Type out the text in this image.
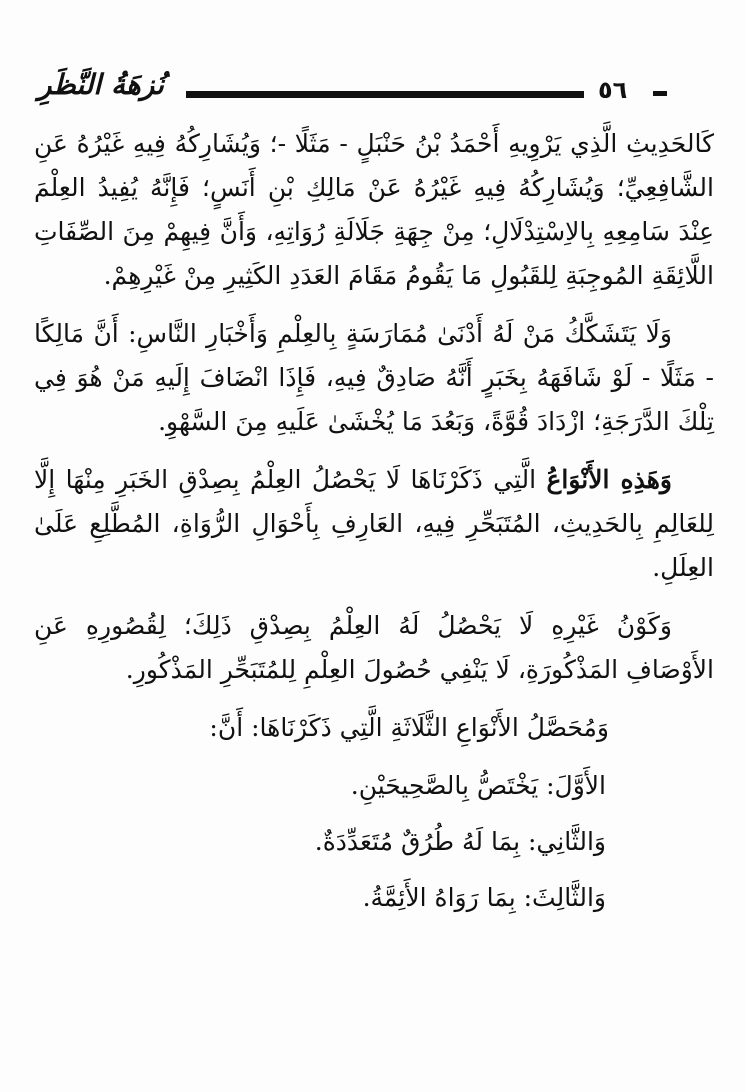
نُزهَةُ النَّظَرِ	٥٦

كَالحَدِيثِ الَّذِي يَرْوِيهِ أَحْمَدُ بْنُ حَنْبَلٍ - مَثَلًا -؛ وَيُشَارِكُهُ فِيهِ غَيْرُهُ عَنِ الشَّافِعِيِّ؛ وَيُشَارِكُهُ فِيهِ غَيْرُهُ عَنْ مَالِكِ بْنِ أَنَسٍ؛ فَإِنَّهُ يُفِيدُ العِلْمَ عِنْدَ سَامِعِهِ بِالاِسْتِدْلَالِ؛ مِنْ جِهَةِ جَلَالَةِ رُوَاتِهِ، وَأَنَّ فِيهِمْ مِنَ الصِّفَاتِ اللَّائِقَةِ المُوجِبَةِ لِلقَبُولِ مَا يَقُومُ مَقَامَ العَدَدِ الكَثِيرِ مِنْ غَيْرِهِمْ.

وَلَا يَتَشَكَّكُ مَنْ لَهُ أَدْنَىٰ مُمَارَسَةٍ بِالعِلْمِ وَأَخْبَارِ النَّاسِ: أَنَّ مَالِكًا - مَثَلًا - لَوْ شَافَهَهُ بِخَبَرٍ أَنَّهُ صَادِقٌ فِيهِ، فَإِذَا انْضَافَ إِلَيهِ مَنْ هُوَ فِي تِلْكَ الدَّرَجَةِ؛ ازْدَادَ قُوَّةً، وَبَعُدَ مَا يُخْشَىٰ عَلَيهِ مِنَ السَّهْوِ.

وَهَذِهِ الأَنْوَاعُ الَّتِي ذَكَرْنَاهَا لَا يَحْصُلُ العِلْمُ بِصِدْقِ الخَبَرِ مِنْهَا إِلَّا لِلعَالِمِ بِالحَدِيثِ، المُتَبَحِّرِ فِيهِ، العَارِفِ بِأَحْوَالِ الرُّوَاةِ، المُطَّلِعِ عَلَىٰ العِلَلِ.

وَكَوْنُ غَيْرِهِ لَا يَحْصُلُ لَهُ العِلْمُ بِصِدْقِ ذَلِكَ؛ لِقُصُورِهِ عَنِ الأَوْصَافِ المَذْكُورَةِ، لَا يَنْفِي حُصُولَ العِلْمِ لِلمُتَبَحِّرِ المَذْكُورِ.

وَمُحَصَّلُ الأَنْوَاعِ الثَّلَاثَةِ الَّتِي ذَكَرْنَاهَا: أَنَّ:
الأَوَّلَ: يَخْتَصُّ بِالصَّحِيحَيْنِ.
وَالثَّانِي: بِمَا لَهُ طُرُقٌ مُتَعَدِّدَةٌ.
وَالثَّالِثَ: بِمَا رَوَاهُ الأَئِمَّةُ.
